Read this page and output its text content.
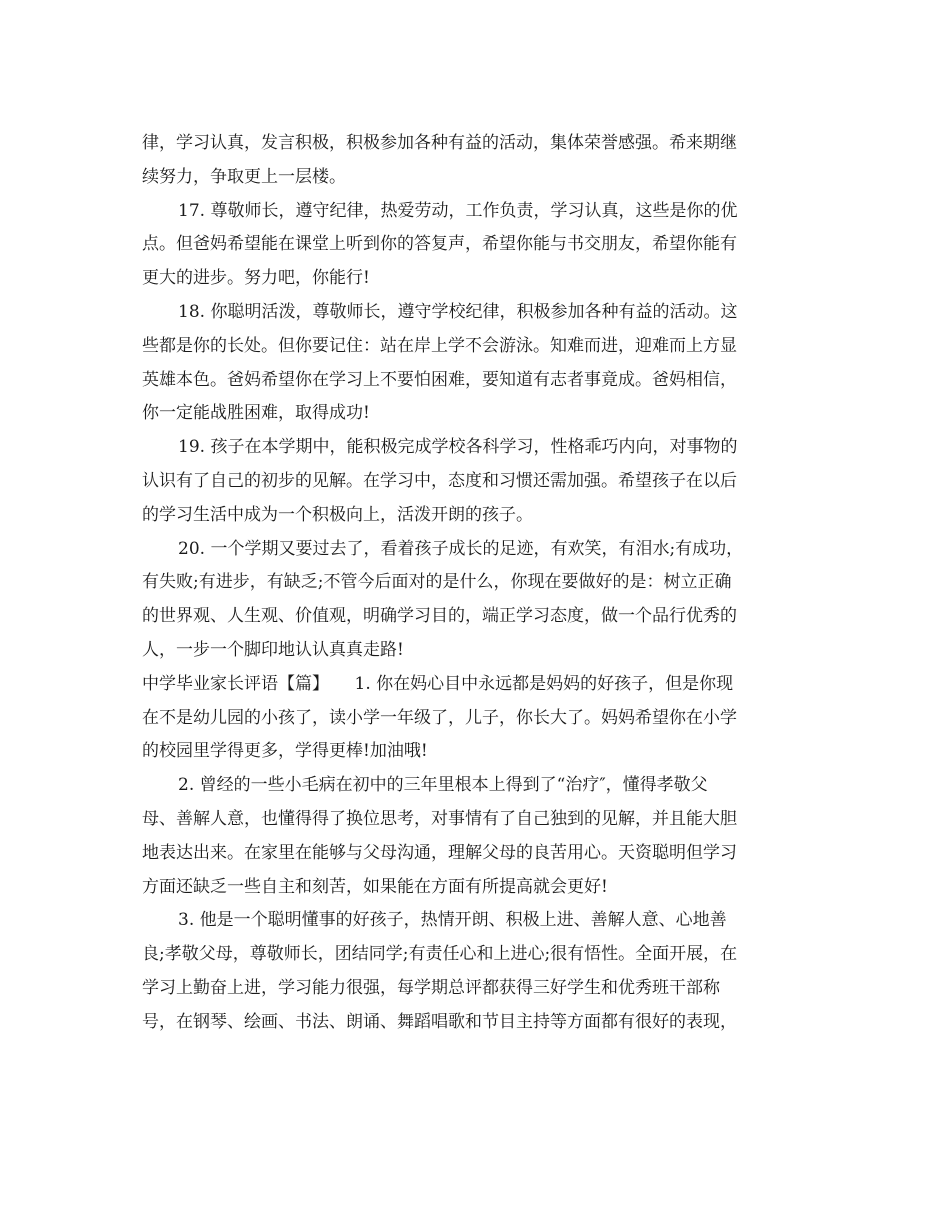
律，学习认真，发言积极，积极参加各种有益的活动，集体荣誉感强。希来期继
续努力，争取更上一层楼。
17. 尊敬师长，遵守纪律，热爱劳动，工作负责，学习认真，这些是你的优
点。但爸妈希望能在课堂上听到你的答复声，希望你能与书交朋友，希望你能有
更大的进步。努力吧，你能行!
18. 你聪明活泼，尊敬师长，遵守学校纪律，积极参加各种有益的活动。这
些都是你的长处。但你要记住：站在岸上学不会游泳。知难而进，迎难而上方显
英雄本色。爸妈希望你在学习上不要怕困难，要知道有志者事竟成。爸妈相信，
你一定能战胜困难，取得成功!
19. 孩子在本学期中，能积极完成学校各科学习，性格乖巧内向，对事物的
认识有了自己的初步的见解。在学习中，态度和习惯还需加强。希望孩子在以后
的学习生活中成为一个积极向上，活泼开朗的孩子。
20. 一个学期又要过去了，看着孩子成长的足迹，有欢笑，有泪水;有成功，
有失败;有进步，有缺乏;不管今后面对的是什么，你现在要做好的是：树立正确
的世界观、人生观、价值观，明确学习目的，端正学习态度，做一个品行优秀的
人，一步一个脚印地认认真真走路!
中学毕业家长评语【篇】　　1. 你在妈心目中永远都是妈妈的好孩子，但是你现
在不是幼儿园的小孩了，读小学一年级了，儿子，你长大了。妈妈希望你在小学
的校园里学得更多，学得更棒!加油哦!
2. 曾经的一些小毛病在初中的三年里根本上得到了“治疗″，懂得孝敬父
母、善解人意，也懂得得了换位思考，对事情有了自己独到的见解，并且能大胆
地表达出来。在家里在能够与父母沟通，理解父母的良苦用心。天资聪明但学习
方面还缺乏一些自主和刻苦，如果能在方面有所提高就会更好!
3. 他是一个聪明懂事的好孩子，热情开朗、积极上进、善解人意、心地善
良;孝敬父母，尊敬师长，团结同学;有责任心和上进心;很有悟性。全面开展，在
学习上勤奋上进，学习能力很强，每学期总评都获得三好学生和优秀班干部称
号，在钢琴、绘画、书法、朗诵、舞蹈唱歌和节目主持等方面都有很好的表现，
